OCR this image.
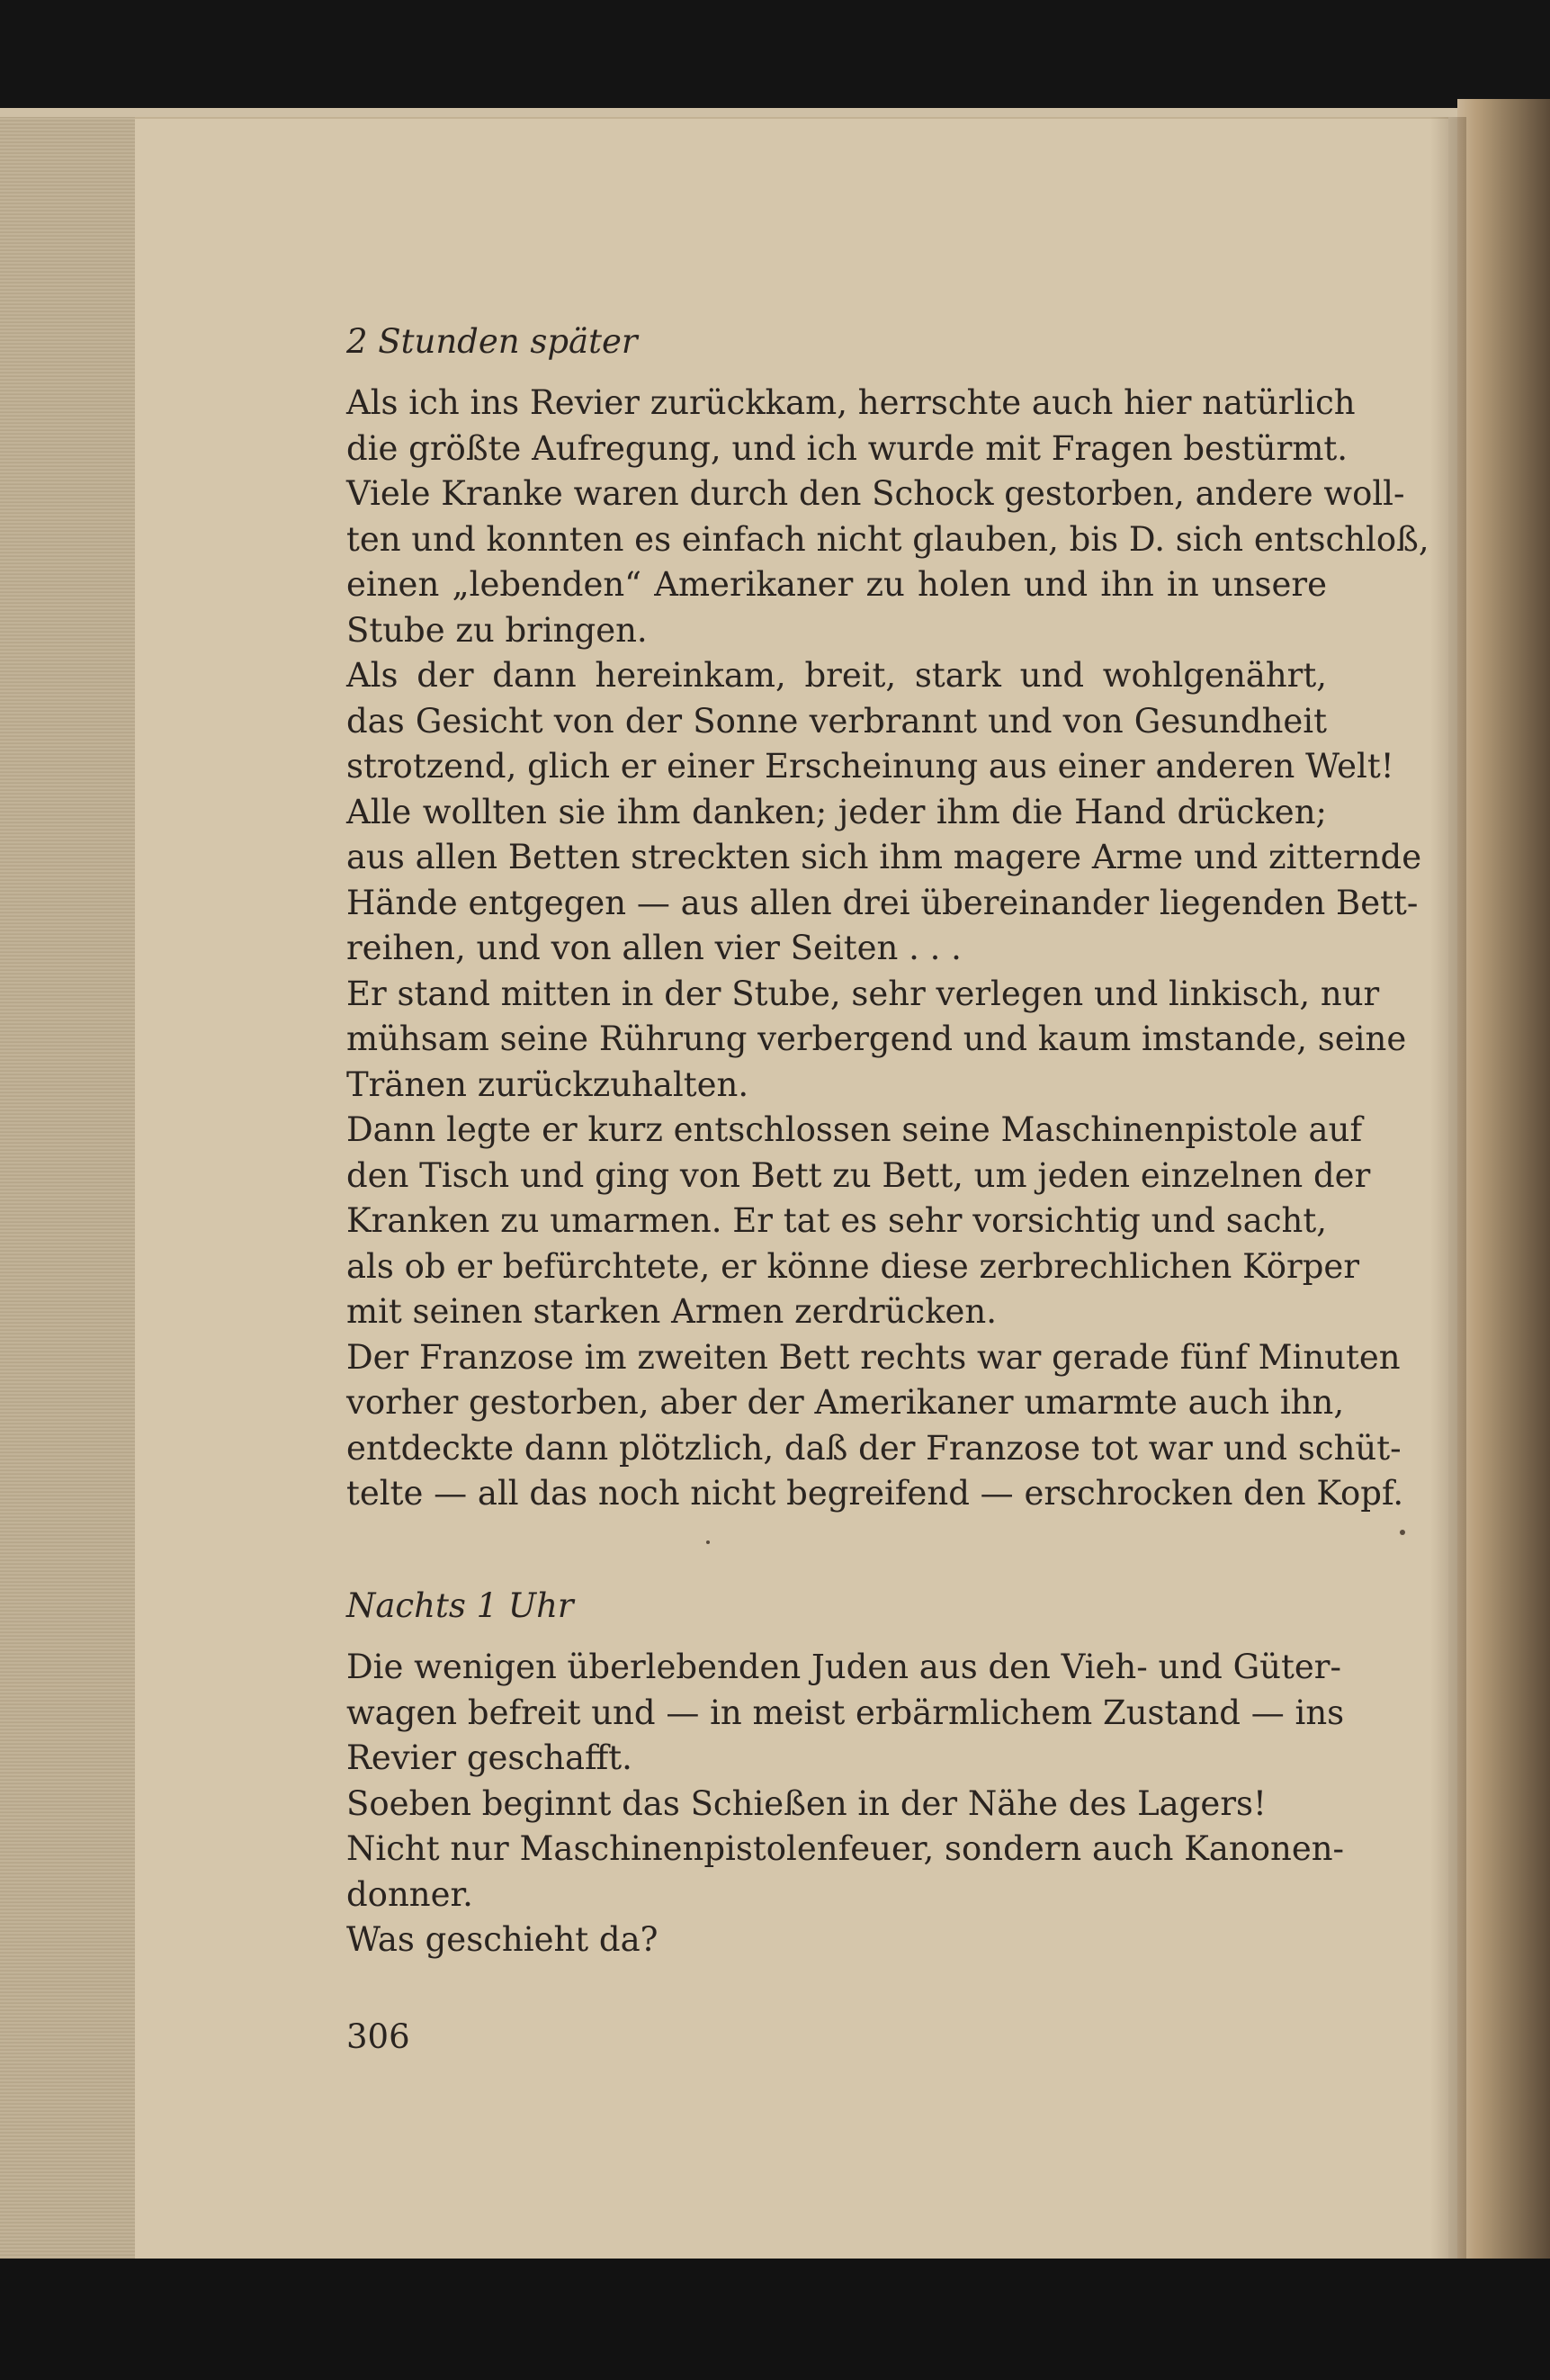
2 Stunden später
Als ich ins Revier zurückkam, herrschte auch hier natürlich
die größte Aufregung, und ich wurde mit Fragen bestürmt.
Viele Kranke waren durch den Schock gestorben, andere woll-
ten und konnten es einfach nicht glauben, bis D. sich entschloß,
einen „lebenden“ Amerikaner zu holen und ihn in unsere
Stube zu bringen.
Als der dann hereinkam, breit, stark und wohlgenährt,
das Gesicht von der Sonne verbrannt und von Gesundheit
strotzend, glich er einer Erscheinung aus einer anderen Welt!
Alle wollten sie ihm danken; jeder ihm die Hand drücken;
aus allen Betten streckten sich ihm magere Arme und zitternde
Hände entgegen — aus allen drei übereinander liegenden Bett-
reihen, und von allen vier Seiten . . .
Er stand mitten in der Stube, sehr verlegen und linkisch, nur
mühsam seine Rührung verbergend und kaum imstande, seine
Tränen zurückzuhalten.
Dann legte er kurz entschlossen seine Maschinenpistole auf
den Tisch und ging von Bett zu Bett, um jeden einzelnen der
Kranken zu umarmen. Er tat es sehr vorsichtig und sacht,
als ob er befürchtete, er könne diese zerbrechlichen Körper
mit seinen starken Armen zerdrücken.
Der Franzose im zweiten Bett rechts war gerade fünf Minuten
vorher gestorben, aber der Amerikaner umarmte auch ihn,
entdeckte dann plötzlich, daß der Franzose tot war und schüt-
telte — all das noch nicht begreifend — erschrocken den Kopf.
Nachts 1 Uhr
Die wenigen überlebenden Juden aus den Vieh- und Güter-
wagen befreit und — in meist erbärmlichem Zustand — ins
Revier geschafft.
Soeben beginnt das Schießen in der Nähe des Lagers!
Nicht nur Maschinenpistolenfeuer, sondern auch Kanonen-
donner.
Was geschieht da?
306
